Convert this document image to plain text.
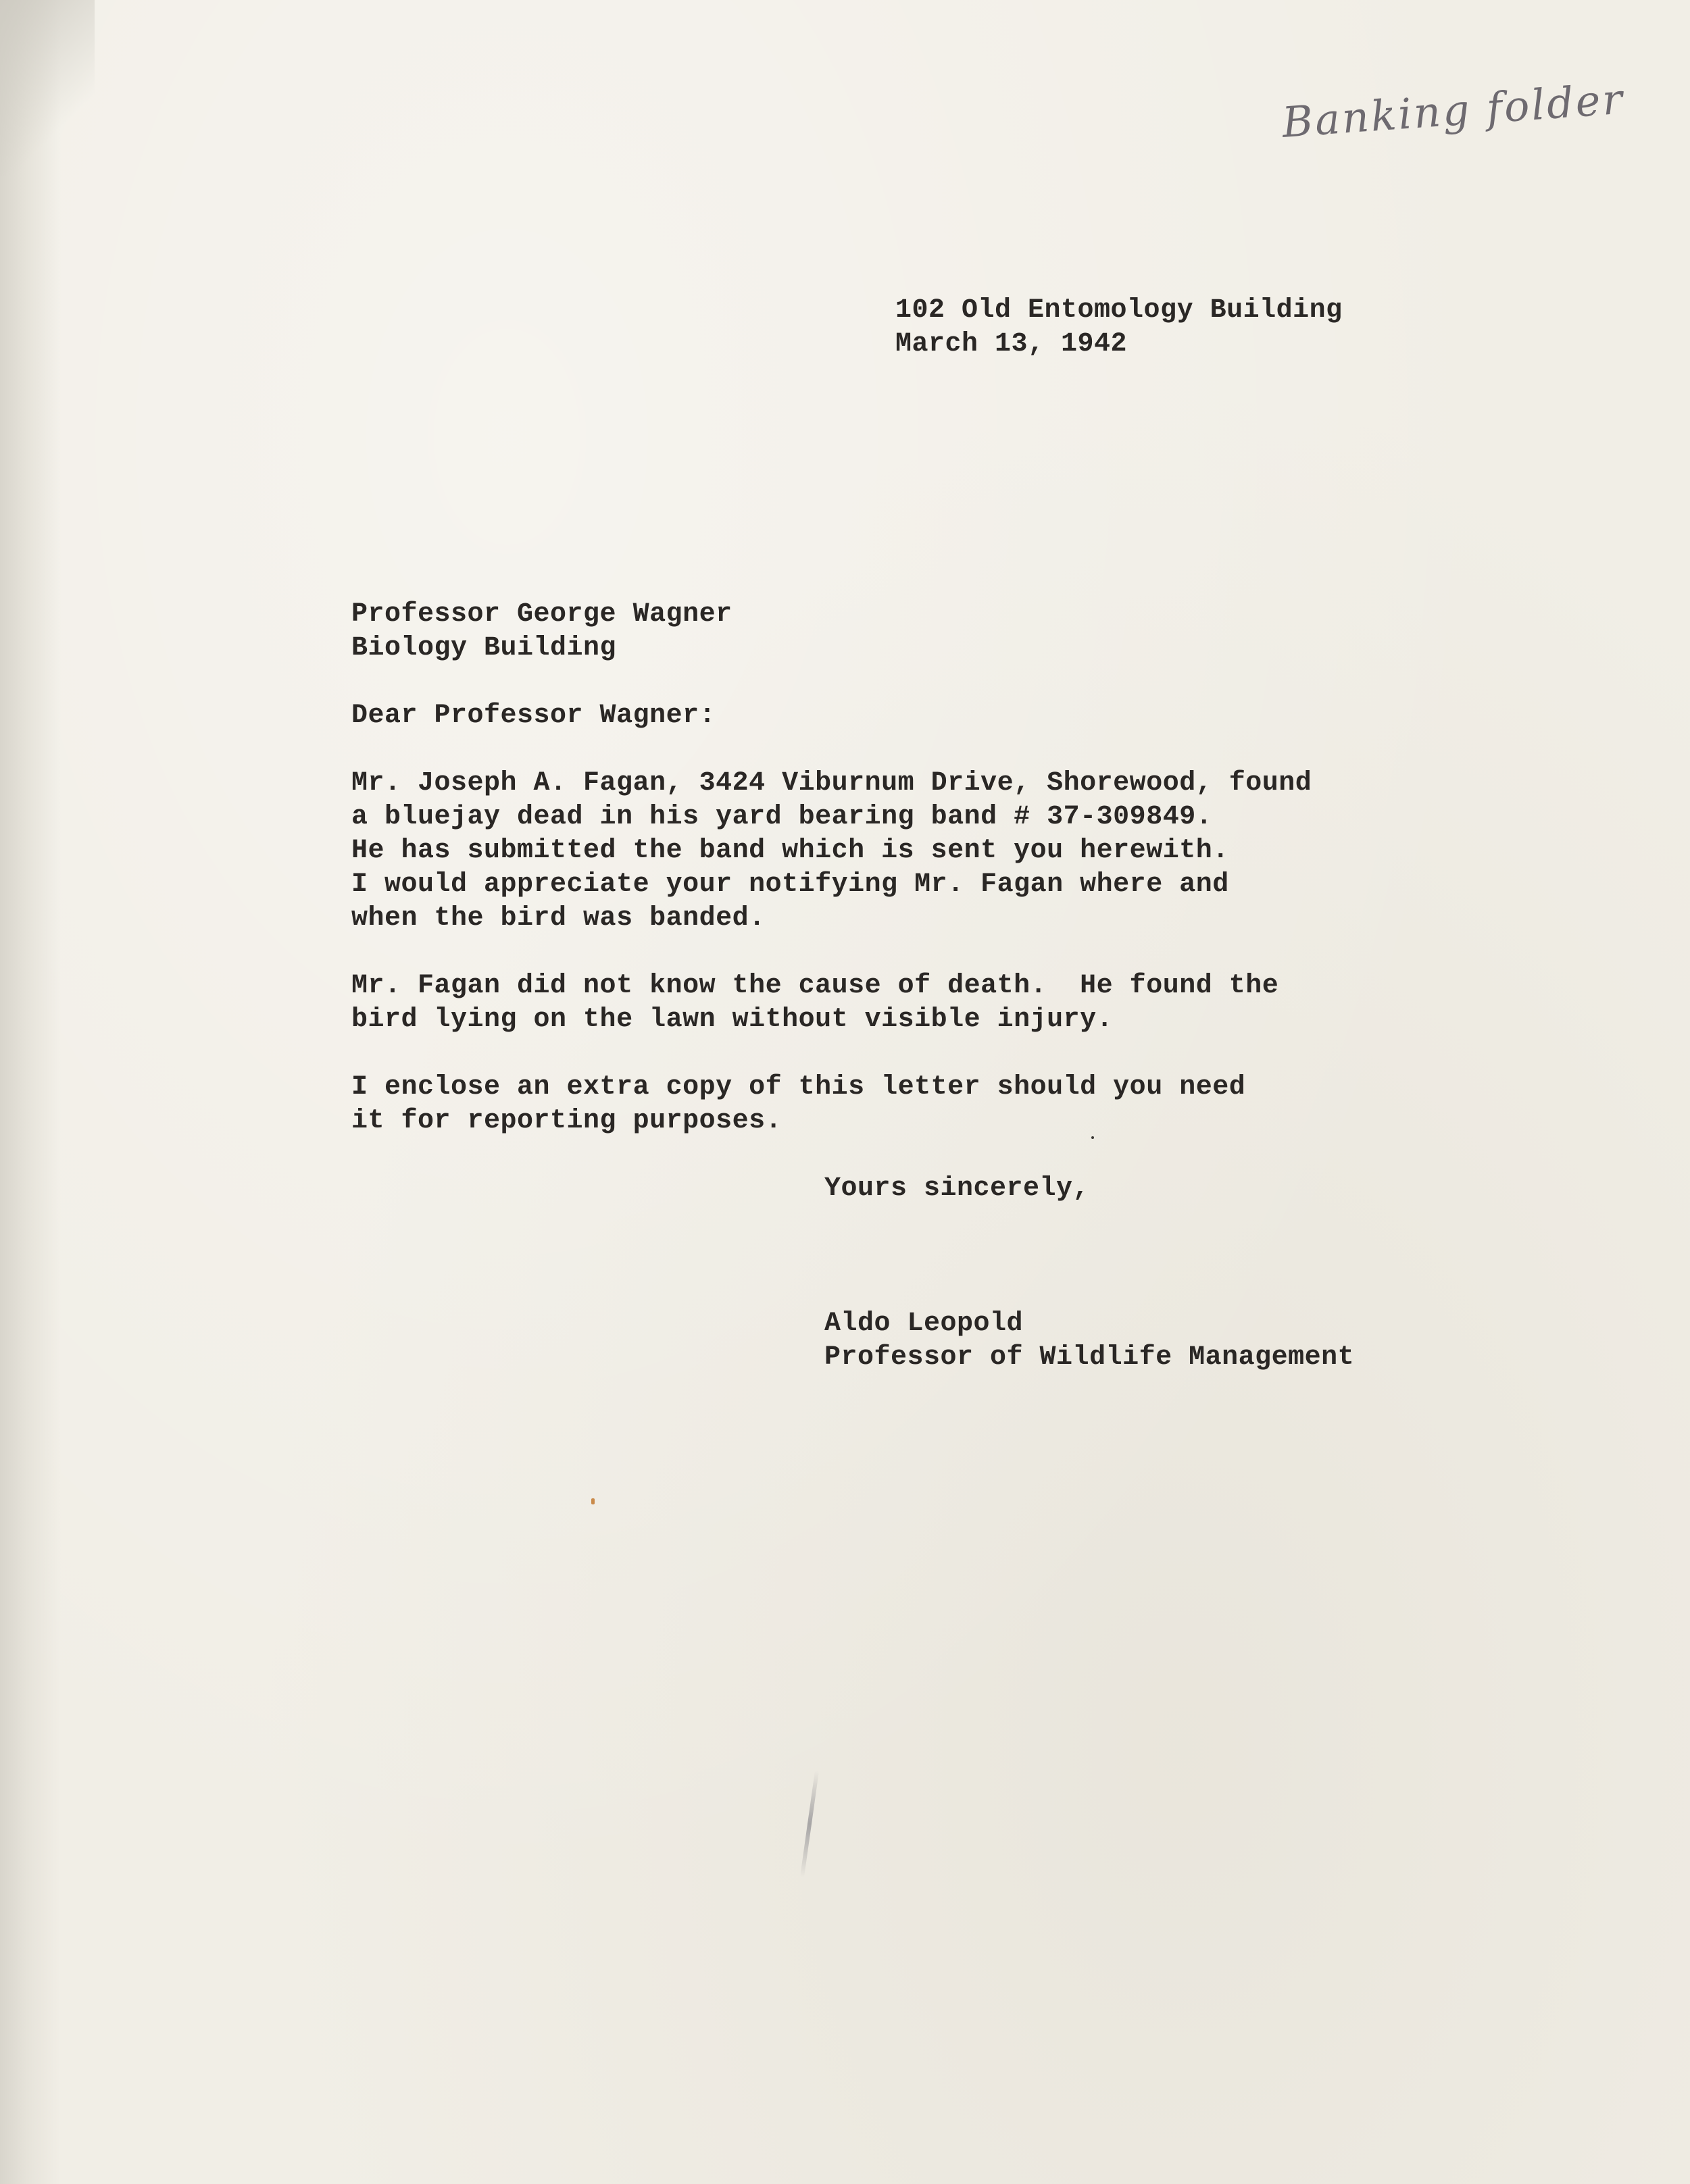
Banking folder

102 Old Entomology Building

March 13, 1942

Professor George Wagner

Biology Building

Dear Professor Wagner:

Mr. Joseph A. Fagan, 3424 Viburnum Drive, Shorewood, found

a bluejay dead in his yard bearing band # 37-309849.

He has submitted the band which is sent you herewith.

I would appreciate your notifying Mr. Fagan where and

when the bird was banded.

Mr. Fagan did not know the cause of death.  He found the

bird lying on the lawn without visible injury.

I enclose an extra copy of this letter should you need

it for reporting purposes.

Yours sincerely,

Aldo Leopold

Professor of Wildlife Management
